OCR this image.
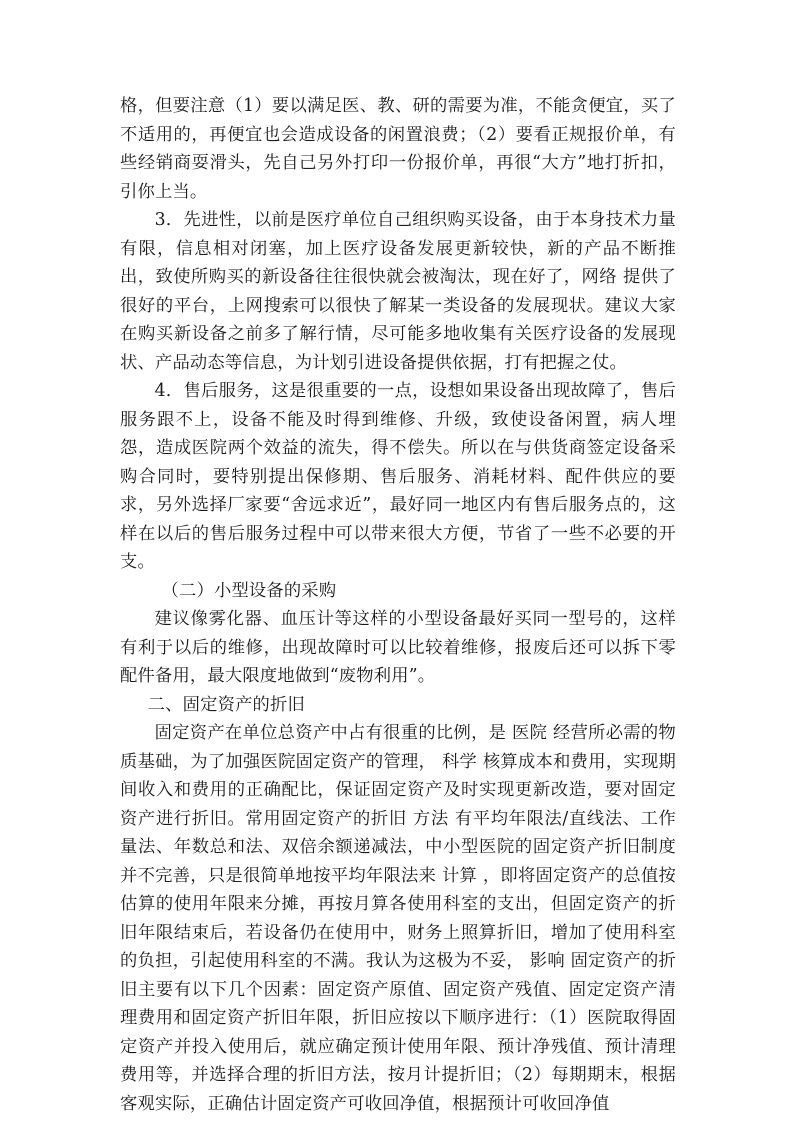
格，但要注意（1）要以满足医、教、研的需要为准，不能贪便宜，买了不适用的，再便宜也会造成设备的闲置浪费；（2）要看正规报价单，有些经销商耍滑头，先自己另外打印一份报价单，再很“大方”地打折扣，引你上当。

3．先进性，以前是医疗单位自己组织购买设备，由于本身技术力量有限，信息相对闭塞，加上医疗设备发展更新较快，新的产品不断推出，致使所购买的新设备往往很快就会被淘汰，现在好了，网络 提供了很好的平台，上网搜索可以很快了解某一类设备的发展现状。建议大家在购买新设备之前多了解行情，尽可能多地收集有关医疗设备的发展现状、产品动态等信息，为计划引进设备提供依据，打有把握之仗。

4．售后服务，这是很重要的一点，设想如果设备出现故障了，售后服务跟不上，设备不能及时得到维修、升级，致使设备闲置，病人埋怨，造成医院两个效益的流失，得不偿失。所以在与供货商签定设备采购合同时，要特别提出保修期、售后服务、消耗材料、配件供应的要求，另外选择厂家要“舍远求近”，最好同一地区内有售后服务点的，这样在以后的售后服务过程中可以带来很大方便，节省了一些不必要的开支。

（二）小型设备的采购

建议像雾化器、血压计等这样的小型设备最好买同一型号的，这样有利于以后的维修，出现故障时可以比较着维修，报废后还可以拆下零配件备用，最大限度地做到“废物利用”。

二、固定资产的折旧

固定资产在单位总资产中占有很重的比例，是 医院 经营所必需的物质基础，为了加强医院固定资产的管理， 科学 核算成本和费用，实现期间收入和费用的正确配比，保证固定资产及时实现更新改造，要对固定资产进行折旧。常用固定资产的折旧 方法 有平均年限法/直线法、工作量法、年数总和法、双倍余额递减法，中小型医院的固定资产折旧制度并不完善，只是很简单地按平均年限法来 计算 ，即将固定资产的总值按估算的使用年限来分摊，再按月算各使用科室的支出，但固定资产的折旧年限结束后，若设备仍在使用中，财务上照算折旧，增加了使用科室的负担，引起使用科室的不满。我认为这极为不妥， 影响 固定资产的折旧主要有以下几个因素：固定资产原值、固定资产残值、固定定资产清理费用和固定资产折旧年限，折旧应按以下顺序进行：（1）医院取得固定资产并投入使用后，就应确定预计使用年限、预计净残值、预计清理费用等，并选择合理的折旧方法，按月计提折旧；（2）每期期末，根据客观实际，正确估计固定资产可收回净值，根据预计可收回净值
